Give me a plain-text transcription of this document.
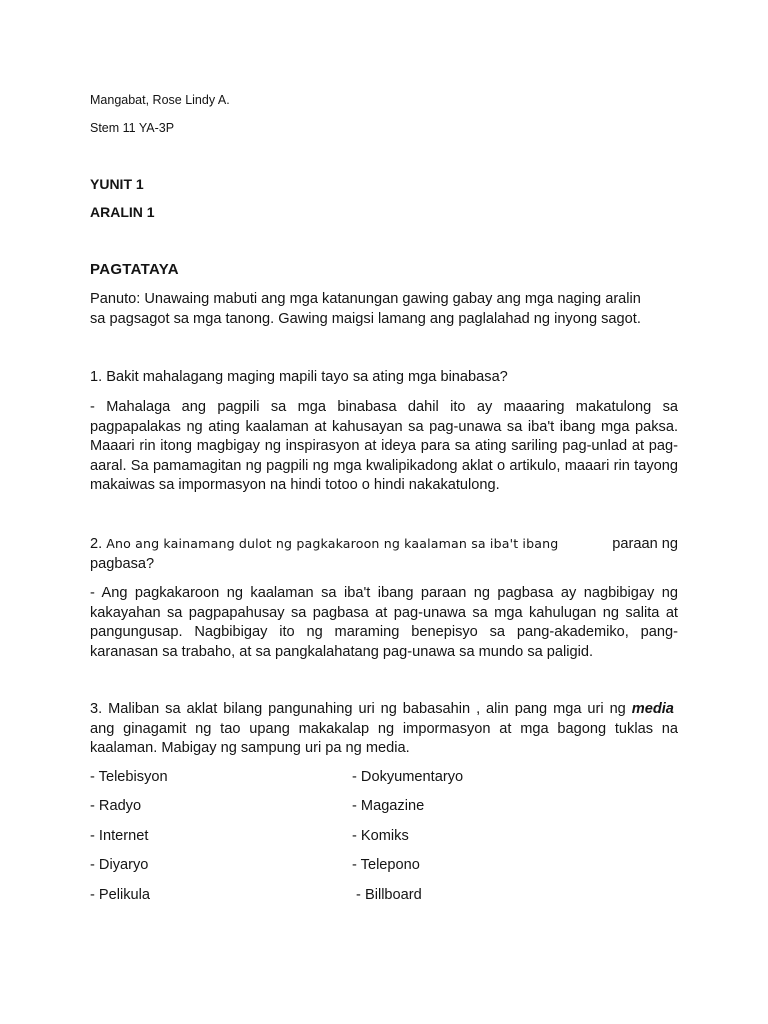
Mangabat, Rose Lindy A.
Stem 11 YA-3P
YUNIT 1
ARALIN 1
PAGTATAYA
Panuto: Unawaing mabuti ang mga katanungan gawing gabay ang mga naging aralin
sa pagsagot sa mga tanong. Gawing maigsi lamang ang paglalahad ng inyong sagot.
1. Bakit mahalagang maging mapili tayo sa ating mga binabasa?
- Mahalaga ang pagpili sa mga binabasa dahil ito ay maaaring makatulong sa pagpapalakas ng ating kaalaman at kahusayan sa pag-unawa sa iba't ibang mga paksa. Maaari rin itong magbigay ng inspirasyon at ideya para sa ating sariling pag-unlad at pag-aaral. Sa pamamagitan ng pagpili ng mga kwalipikadong aklat o artikulo, maaari rin tayong makaiwas sa impormasyon na hindi totoo o hindi nakakatulong.
2. Ano ang kainamang dulot ng pagkakaroon ng kaalaman sa iba't ibang	paraan ng
pagbasa?
- Ang pagkakaroon ng kaalaman sa iba't ibang paraan ng pagbasa ay nagbibigay ng kakayahan sa pagpapahusay sa pagbasa at pag-unawa sa mga kahulugan ng salita at pangungusap. Nagbibigay ito ng maraming benepisyo sa pang-akademiko, pang-karanasan sa trabaho, at sa pangkalahatang pag-unawa sa mundo sa paligid.
3. Maliban sa aklat bilang pangunahing uri ng babasahin , alin pang mga uri ng media  ang ginagamit ng tao upang makakalap ng impormasyon at mga bagong tuklas na kaalaman. Mabigay ng sampung uri pa ng media.
- Telebisyon	- Dokyumentaryo
- Radyo	- Magazine
- Internet	- Komiks
- Diyaryo	- Telepono
- Pelikula	- Billboard
